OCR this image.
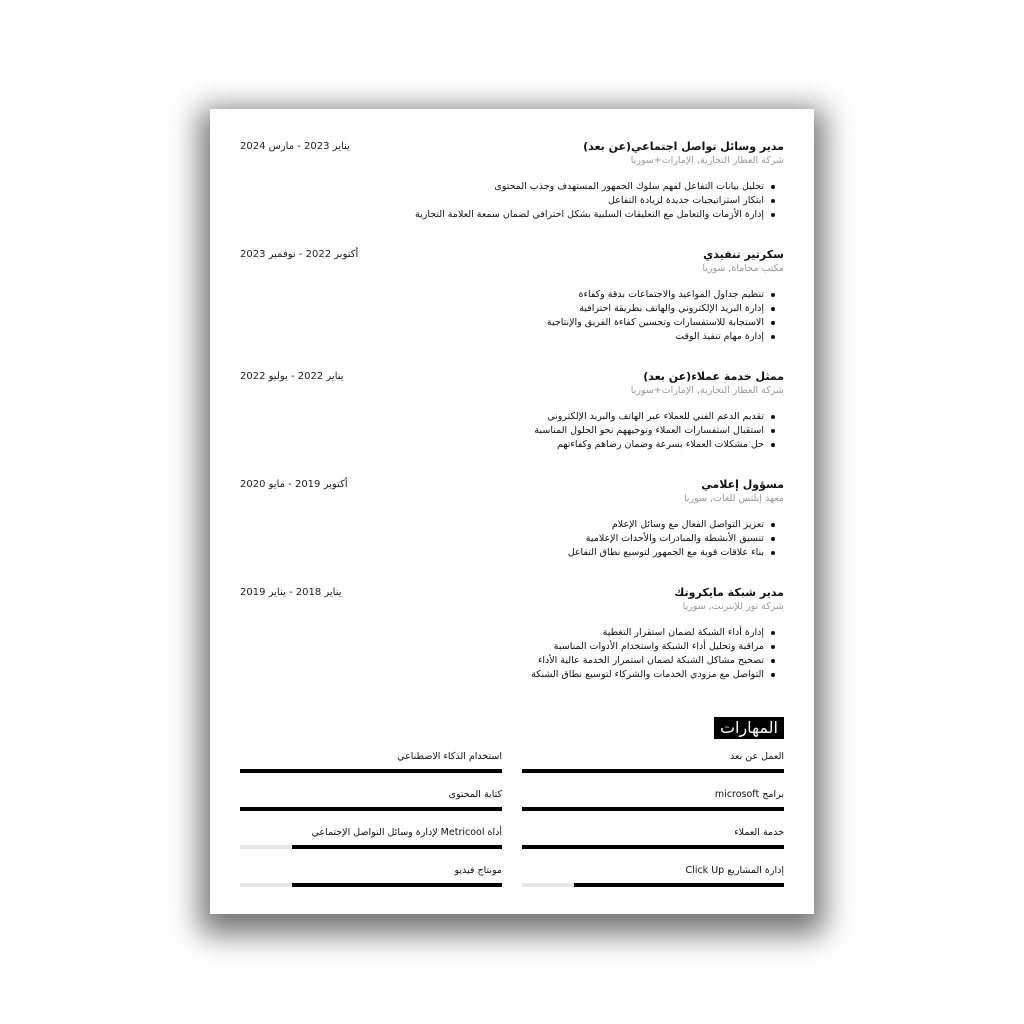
مدير وسائل تواصل اجتماعي(عن بعد)
شركة العطار التجارية, الإمارات+سوريا
يناير 2023 - مارس 2024
تحليل بيانات التفاعل لفهم سلوك الجمهور المستهدف وجذب المحتوى
ابتكار استراتيجيات جديدة لزيادة التفاعل
إدارة الأزمات والتعامل مع التعليقات السلبية بشكل احترافي لضمان سمعة العلامة التجارية
سكرتير تنفيذي
مكتب محاماة, سوريا
أكتوبر 2022 - نوفمبر 2023
تنظيم جداول المواعيد والاجتماعات بدقة وكفاءة
إدارة البريد الإلكتروني والهاتف بطريقة احترافية
الاستجابة للاستفسارات وتحسين كفاءة الفريق والإنتاجية
إدارة مهام تنفيذ الوقت
ممثل خدمة عملاء(عن بعد)
شركة العطار التجارية, الإمارات+سوريا
يناير 2022 - يوليو 2022
تقديم الدعم الفني للعملاء عبر الهاتف والبريد الإلكتروني
استقبال استفسارات العملاء وتوجيههم نحو الحلول المناسبة
حل مشكلات العملاء بسرعة وضمان رضاهم وكفاءتهم
مسؤول إعلامي
معهد إيلتس للغات, سوريا
أكتوبر 2019 - مايو 2020
تعزيز التواصل الفعال مع وسائل الإعلام
تنسيق الأنشطة والمبادرات والأحداث الإعلامية
بناء علاقات قوية مع الجمهور لتوسيع نطاق التفاعل
مدير شبكة مايكروتك
شركة نور للإنترنت, سوريا
يناير 2018 - يناير 2019
إدارة أداء الشبكة لضمان استقرار التغطية
مراقبة وتحليل أداء الشبكة واستخدام الأدوات المناسبة
تصحيح مشاكل الشبكة لضمان استمرار الخدمة عالية الأداء
التواصل مع مزودي الخدمات والشركاء لتوسيع نطاق الشبكة
المهارات
العمل عن بعد
استخدام الذكاء الاصطناعي
برامج microsoft
كتابة المحتوى
خدمة العملاء
أداة Metricool لإدارة وسائل التواصل الإجتماعي
إدارة المشاريع Click Up
مونتاج فيديو
